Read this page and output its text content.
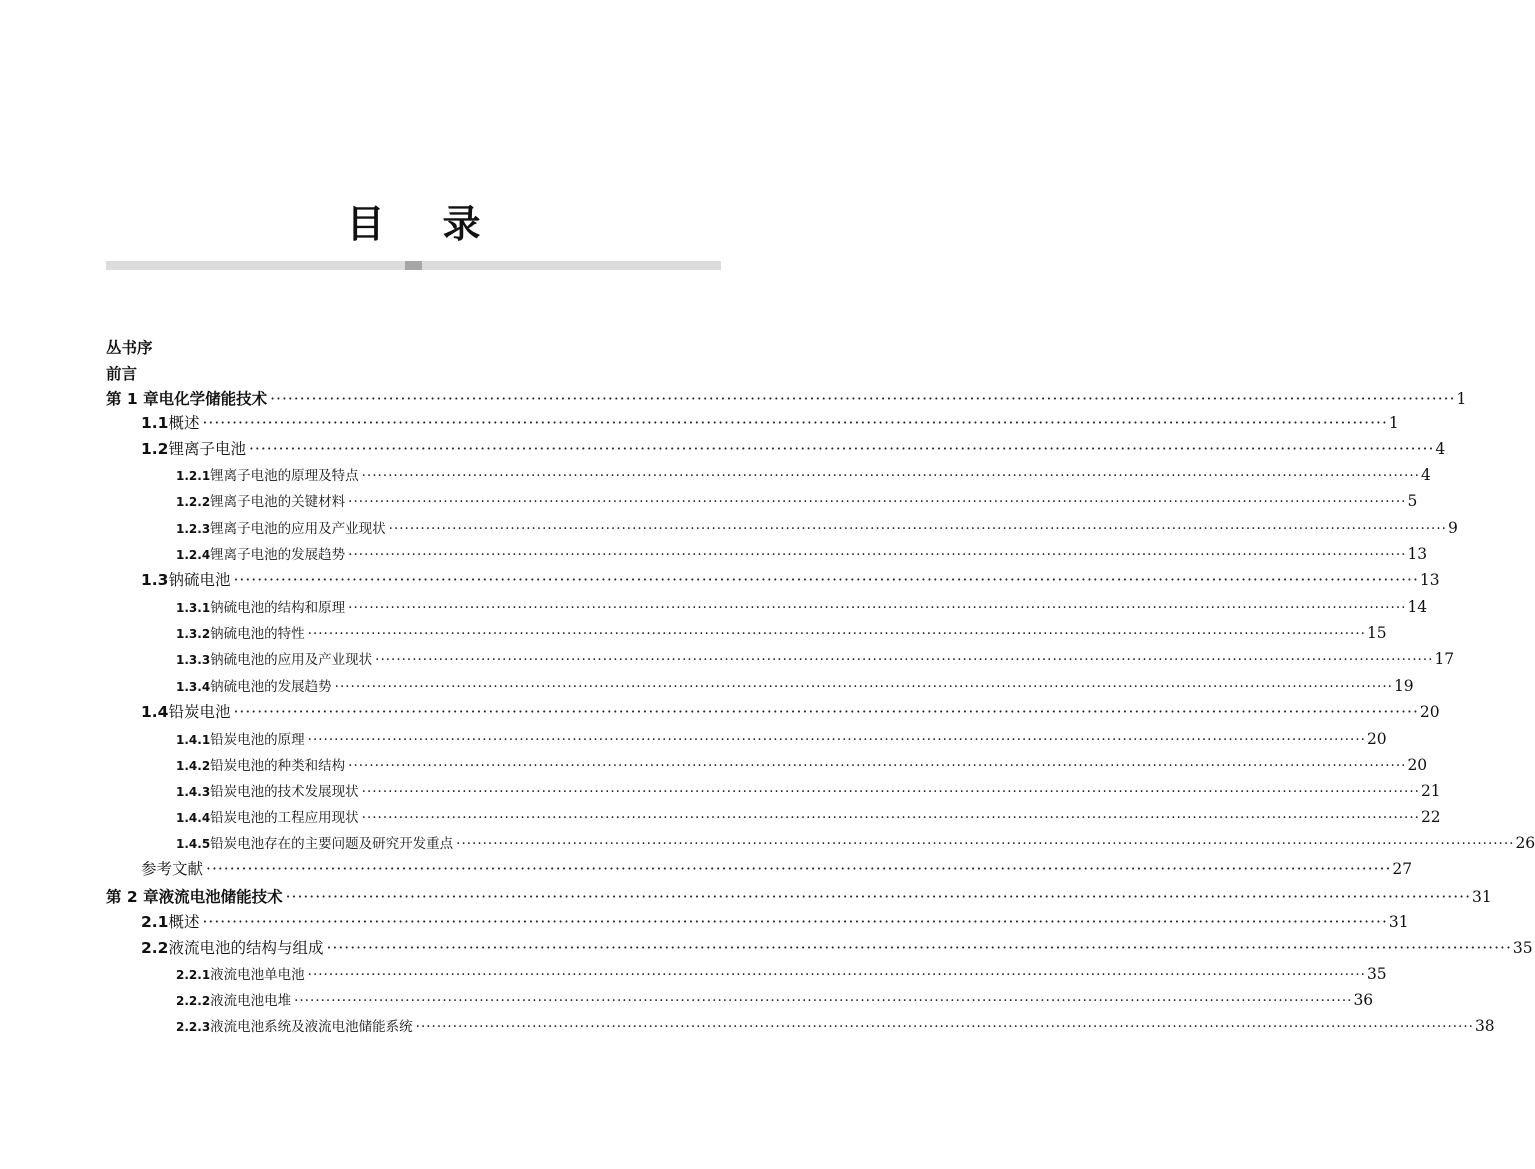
目 录
丛书序
前言
第 1 章 电化学储能技术 ········································································································································································································ 1
1.1 概述 ········································································································································································································ 1
1.2 锂离子电池 ········································································································································································································ 4
1.2.1 锂离子电池的原理及特点 ········································································································································································································ 4
1.2.2 锂离子电池的关键材料 ········································································································································································································ 5
1.2.3 锂离子电池的应用及产业现状 ········································································································································································································ 9
1.2.4 锂离子电池的发展趋势 ········································································································································································································ 13
1.3 钠硫电池 ········································································································································································································ 13
1.3.1 钠硫电池的结构和原理 ········································································································································································································ 14
1.3.2 钠硫电池的特性 ········································································································································································································ 15
1.3.3 钠硫电池的应用及产业现状 ········································································································································································································ 17
1.3.4 钠硫电池的发展趋势 ········································································································································································································ 19
1.4 铅炭电池 ········································································································································································································ 20
1.4.1 铅炭电池的原理 ········································································································································································································ 20
1.4.2 铅炭电池的种类和结构 ········································································································································································································ 20
1.4.3 铅炭电池的技术发展现状 ········································································································································································································ 21
1.4.4 铅炭电池的工程应用现状 ········································································································································································································ 22
1.4.5 铅炭电池存在的主要问题及研究开发重点 ········································································································································································································ 26
参考文献 ········································································································································································································ 27
第 2 章 液流电池储能技术 ········································································································································································································ 31
2.1 概述 ········································································································································································································ 31
2.2 液流电池的结构与组成 ········································································································································································································ 35
2.2.1 液流电池单电池 ········································································································································································································ 35
2.2.2 液流电池电堆 ········································································································································································································ 36
2.2.3 液流电池系统及液流电池储能系统 ········································································································································································································ 38
